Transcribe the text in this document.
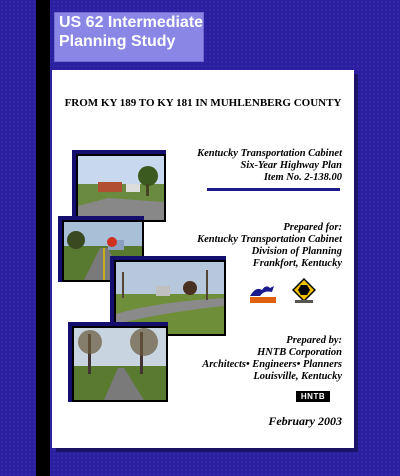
US 62 Intermediate
Planning Study
FROM KY 189 TO KY 181 IN MUHLENBERG COUNTY
Kentucky Transportation Cabinet
Six-Year Highway Plan
Item No. 2-138.00
Prepared for:
Kentucky Transportation Cabinet
Division of Planning
Frankfort, Kentucky
Prepared by:
HNTB Corporation
Architects• Engineers• Planners
Louisville, Kentucky
HNTB
February 2003
